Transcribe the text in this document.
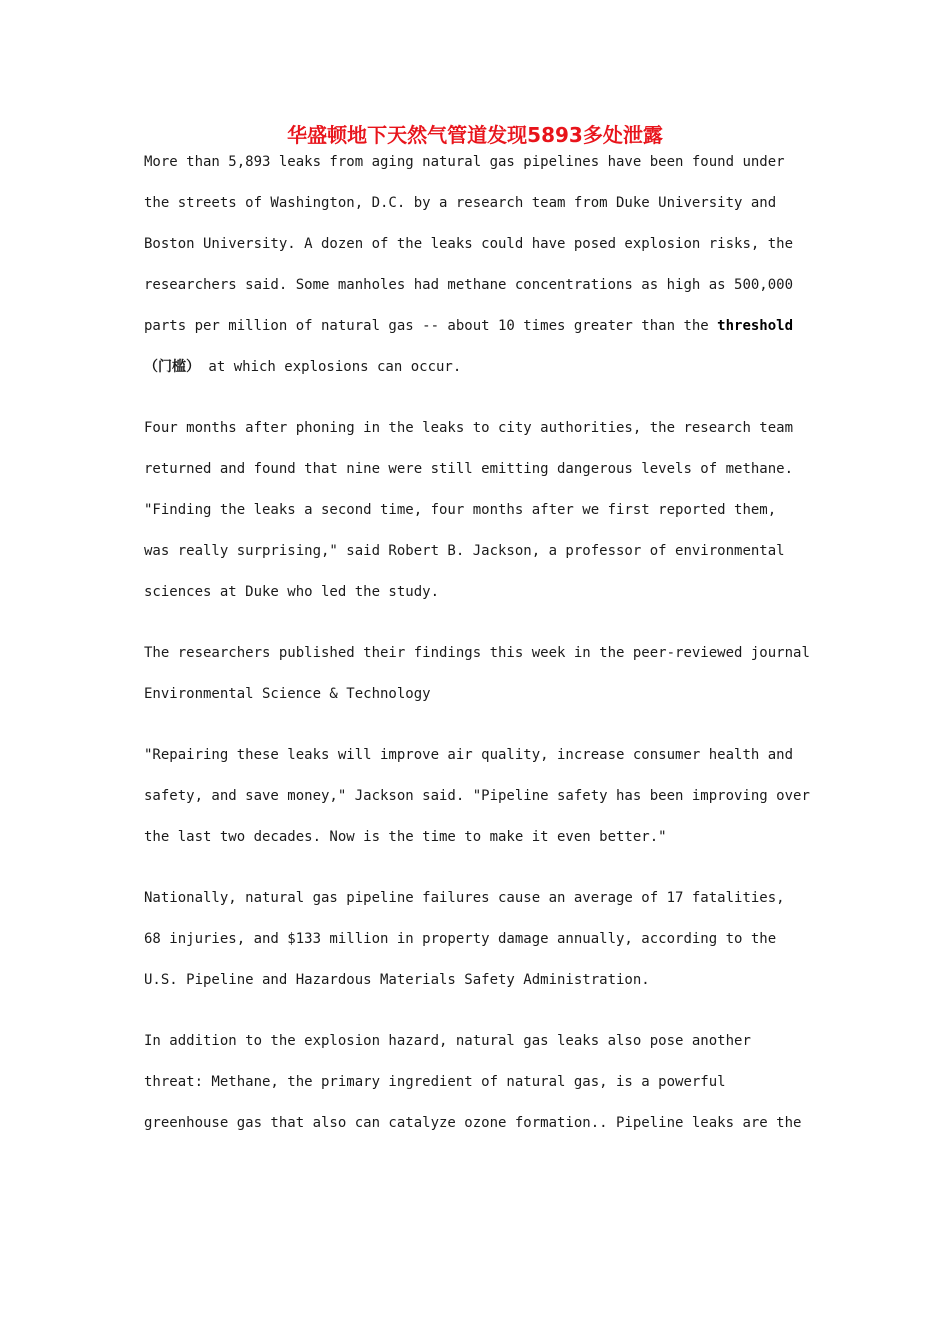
华盛顿地下天然气管道发现5893多处泄露
More than 5,893 leaks from aging natural gas pipelines have been found under
the streets of Washington, D.C. by a research team from Duke University and
Boston University. A dozen of the leaks could have posed explosion risks, the
researchers said. Some manholes had methane concentrations as high as 500,000
parts per million of natural gas -- about 10 times greater than the threshold
（门槛） at which explosions can occur.
Four months after phoning in the leaks to city authorities, the research team
returned and found that nine were still emitting dangerous levels of methane.
"Finding the leaks a second time, four months after we first reported them,
was really surprising," said Robert B. Jackson, a professor of environmental
sciences at Duke who led the study.
The researchers published their findings this week in the peer-reviewed journal
Environmental Science & Technology
"Repairing these leaks will improve air quality, increase consumer health and
safety, and save money," Jackson said. "Pipeline safety has been improving over
the last two decades. Now is the time to make it even better."
Nationally, natural gas pipeline failures cause an average of 17 fatalities,
68 injuries, and $133 million in property damage annually, according to the
U.S. Pipeline and Hazardous Materials Safety Administration.
In addition to the explosion hazard, natural gas leaks also pose another
threat: Methane, the primary ingredient of natural gas, is a powerful
greenhouse gas that also can catalyze ozone formation.. Pipeline leaks are the
